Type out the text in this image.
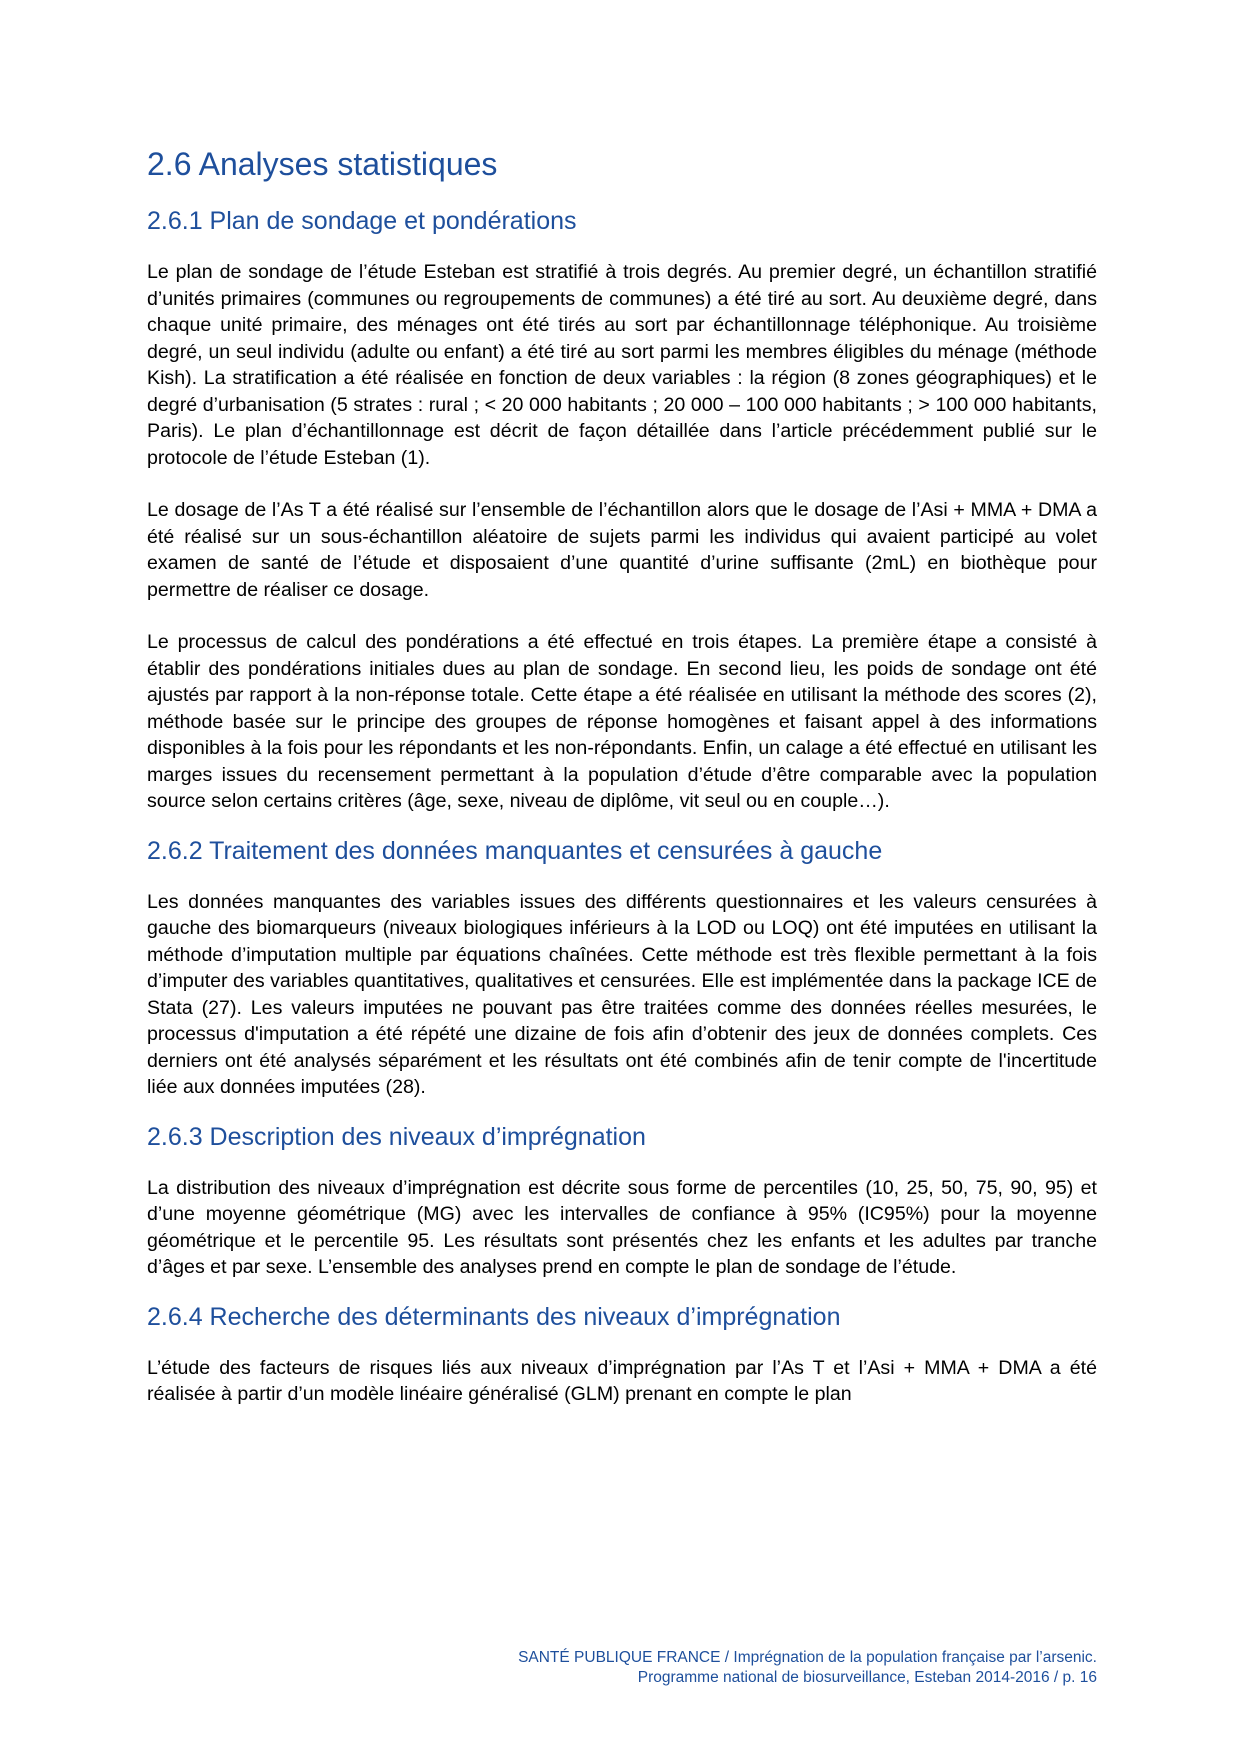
2.6 Analyses statistiques
2.6.1 Plan de sondage et pondérations

Le plan de sondage de l’étude Esteban est stratifié à trois degrés. Au premier degré, un échantillon stratifié d’unités primaires (communes ou regroupements de communes) a été tiré au sort. Au deuxième degré, dans chaque unité primaire, des ménages ont été tirés au sort par échantillonnage téléphonique. Au troisième degré, un seul individu (adulte ou enfant) a été tiré au sort parmi les membres éligibles du ménage (méthode Kish). La stratification a été réalisée en fonction de deux variables : la région (8 zones géographiques) et le degré d’urbanisation (5 strates : rural ; < 20 000 habitants ; 20 000 – 100 000 habitants ; > 100 000 habitants, Paris). Le plan d’échantillonnage est décrit de façon détaillée dans l’article précédemment publié sur le protocole de l’étude Esteban (1).

Le dosage de l’As T a été réalisé sur l’ensemble de l’échantillon alors que le dosage de l’Asi + MMA + DMA a été réalisé sur un sous-échantillon aléatoire de sujets parmi les individus qui avaient participé au volet examen de santé de l’étude et disposaient d’une quantité d’urine suffisante (2mL) en biothèque pour permettre de réaliser ce dosage.

Le processus de calcul des pondérations a été effectué en trois étapes. La première étape a consisté à établir des pondérations initiales dues au plan de sondage. En second lieu, les poids de sondage ont été ajustés par rapport à la non-réponse totale. Cette étape a été réalisée en utilisant la méthode des scores (2), méthode basée sur le principe des groupes de réponse homogènes et faisant appel à des informations disponibles à la fois pour les répondants et les non-répondants. Enfin, un calage a été effectué en utilisant les marges issues du recensement permettant à la population d’étude d’être comparable avec la population source selon certains critères (âge, sexe, niveau de diplôme, vit seul ou en couple…).

2.6.2 Traitement des données manquantes et censurées à gauche

Les données manquantes des variables issues des différents questionnaires et les valeurs censurées à gauche des biomarqueurs (niveaux biologiques inférieurs à la LOD ou LOQ) ont été imputées en utilisant la méthode d’imputation multiple par équations chaînées. Cette méthode est très flexible permettant à la fois d’imputer des variables quantitatives, qualitatives et censurées. Elle est implémentée dans la package ICE de Stata (27). Les valeurs imputées ne pouvant pas être traitées comme des données réelles mesurées, le processus d'imputation a été répété une dizaine de fois afin d’obtenir des jeux de données complets. Ces derniers ont été analysés séparément et les résultats ont été combinés afin de tenir compte de l'incertitude liée aux données imputées (28).

2.6.3 Description des niveaux d’imprégnation

La distribution des niveaux d’imprégnation est décrite sous forme de percentiles (10, 25, 50, 75, 90, 95) et d’une moyenne géométrique (MG) avec les intervalles de confiance à 95% (IC95%) pour la moyenne géométrique et le percentile 95. Les résultats sont présentés chez les enfants et les adultes par tranche d’âges et par sexe. L’ensemble des analyses prend en compte le plan de sondage de l’étude.

2.6.4 Recherche des déterminants des niveaux d’imprégnation

L’étude des facteurs de risques liés aux niveaux d’imprégnation par l’As T et l’Asi + MMA + DMA a été réalisée à partir d’un modèle linéaire généralisé (GLM) prenant en compte le plan

SANTÉ PUBLIQUE FRANCE / Imprégnation de la population française par l’arsenic.
Programme national de biosurveillance, Esteban 2014-2016 / p. 16
